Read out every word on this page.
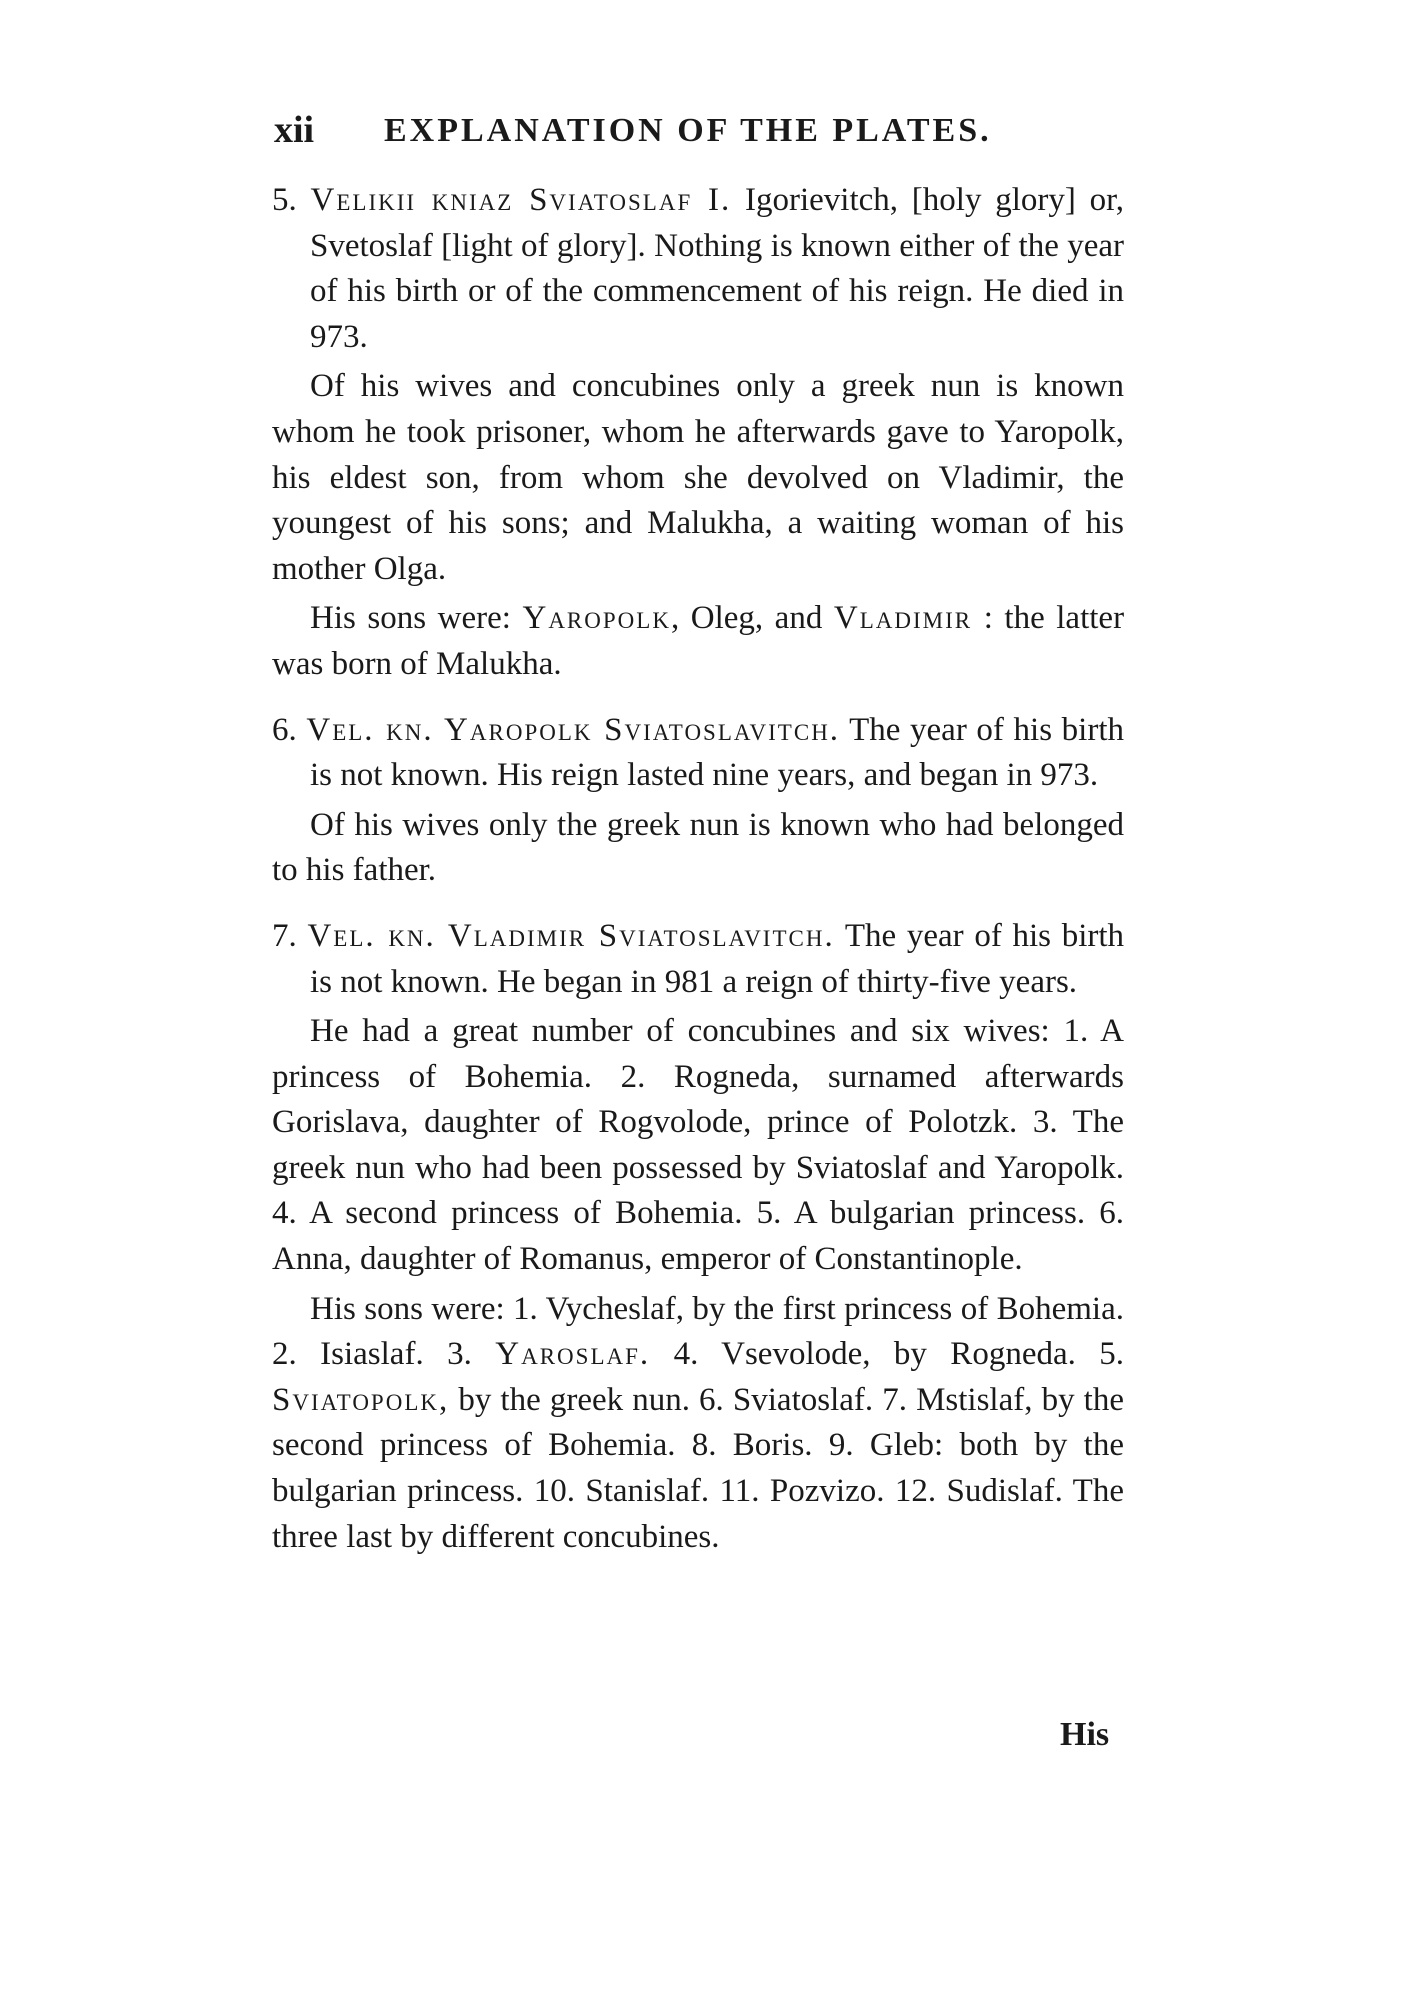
xii EXPLANATION OF THE PLATES.

5. Velikii kniaz Sviatoslaf I. Igorievitch, [holy glory] or, Svetoslaf [light of glory]. Nothing is known either of the year of his birth or of the commencement of his reign. He died in 973.

Of his wives and concubines only a greek nun is known whom he took prisoner, whom he afterwards gave to Yaropolk, his eldest son, from whom she devolved on Vladimir, the youngest of his sons; and Malukha, a waiting woman of his mother Olga.

His sons were: Yaropolk, Oleg, and Vladimir : the latter was born of Malukha.

6. Vel. kn. Yaropolk Sviatoslavitch. The year of his birth is not known. His reign lasted nine years, and began in 973.

Of his wives only the greek nun is known who had belonged to his father.

7. Vel. kn. Vladimir Sviatoslavitch. The year of his birth is not known. He began in 981 a reign of thirty-five years.

He had a great number of concubines and six wives: 1. A princess of Bohemia. 2. Rogneda, surnamed afterwards Gorislava, daughter of Rogvolode, prince of Polotzk. 3. The greek nun who had been possessed by Sviatoslaf and Yaropolk. 4. A second princess of Bohemia. 5. A bulgarian princess. 6. Anna, daughter of Romanus, emperor of Constantinople.

His sons were: 1. Vycheslaf, by the first princess of Bohemia. 2. Isiaslaf. 3. Yaroslaf. 4. Vsevolode, by Rogneda. 5. Sviatopolk, by the greek nun. 6. Sviatoslaf. 7. Mstislaf, by the second princess of Bohemia. 8. Boris. 9. Gleb: both by the bulgarian princess. 10. Stanislaf. 11. Pozvizo. 12. Sudislaf. The three last by different concubines.

His
